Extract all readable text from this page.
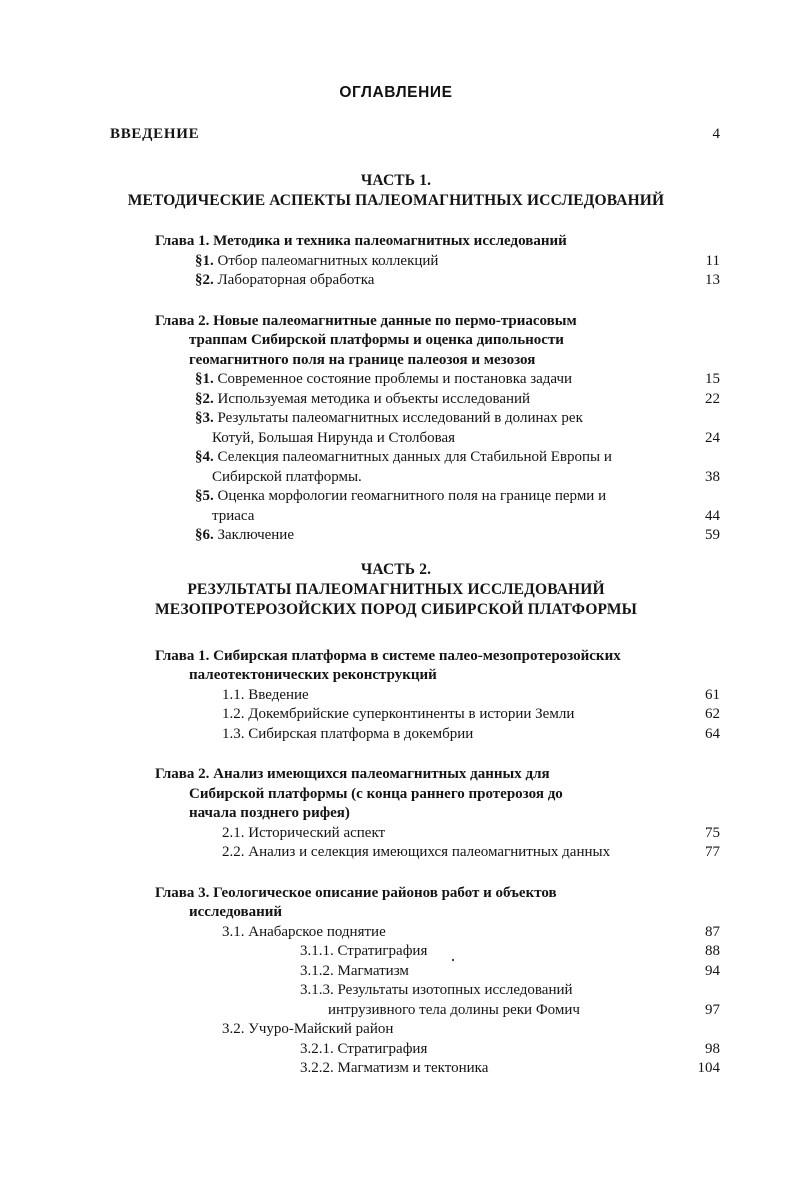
ОГЛАВЛЕНИЕ
ВВЕДЕНИЕ	4
ЧАСТЬ 1.
МЕТОДИЧЕСКИЕ АСПЕКТЫ ПАЛЕОМАГНИТНЫХ ИССЛЕДОВАНИЙ
Глава 1. Методика и техника палеомагнитных исследований
§1. Отбор палеомагнитных коллекций	11
§2. Лабораторная обработка	13
Глава 2. Новые палеомагнитные данные по пермо-триасовым
траппам Сибирской платформы и оценка дипольности
геомагнитного поля на границе палеозоя и мезозоя
§1. Современное состояние проблемы и постановка задачи	15
§2. Используемая методика и объекты исследований	22
§3. Результаты палеомагнитных исследований в долинах рек
Котуй, Большая Нирунда и Столбовая	24
§4. Селекция палеомагнитных данных для Стабильной Европы и
Сибирской платформы.	38
§5. Оценка морфологии геомагнитного поля на границе перми и
триаса	44
§6. Заключение	59
ЧАСТЬ 2.
РЕЗУЛЬТАТЫ ПАЛЕОМАГНИТНЫХ ИССЛЕДОВАНИЙ
МЕЗОПРОТЕРОЗОЙСКИХ ПОРОД СИБИРСКОЙ ПЛАТФОРМЫ
Глава 1. Сибирская платформа в системе палео-мезопротерозойских
палеотектонических реконструкций
1.1. Введение	61
1.2. Докембрийские суперконтиненты в истории Земли	62
1.3. Сибирская платформа в докембрии	64
Глава 2. Анализ имеющихся палеомагнитных данных для
Сибирской платформы (с конца раннего протерозоя до
начала позднего рифея)
2.1. Исторический аспект	75
2.2. Анализ и селекция имеющихся палеомагнитных данных	77
Глава 3. Геологическое описание районов работ и объектов
исследований
3.1. Анабарское поднятие	87
3.1.1. Стратиграфия	88
3.1.2. Магматизм	94
3.1.3. Результаты изотопных исследований
интрузивного тела долины реки Фомич	97
3.2. Учуро-Майский район
3.2.1. Стратиграфия	98
3.2.2. Магматизм и тектоника	104
